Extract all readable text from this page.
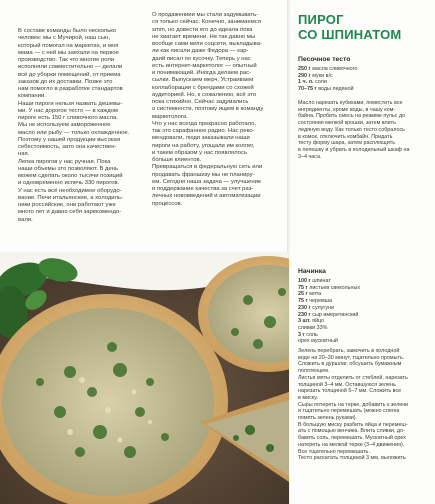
В составе команды было несколько

человек: мы с Мучирой, наш сын,

который помогал на маркетах, и моя

мама — с ней мы заехали на первое

производство. Так что многие роли

исполняли совместительно — делали

всё до уборки помещений, от приема

заказов до их доставки. Позже это

нам помогло в разработке стандартов

компании.

Наши пироги нельзя назвать дешевы-

ми. У нас дорогое тесто — в каждом

пироге есть 150 г сливочного масла.

Мы не используем замороженное

масло или рыбу — только охлажденное.

Поэтому у нашей продукции высокая

себестоимость, зато она качествен-

ная.

Лепка пирогов у нас ручная. Пока

наши объемы это позволяют. В день

можем сделать около тысячи позиций

и одновременно испечь 330 пирогов.

У нас есть всё необходимое оборудо-

вание. Печи итальянские, а холодиль-

ники российские, они работают уже

много лет и давно себя зарекомендо-

вали.

О продажениии мы стали задумывать-

ся только сейчас. Конечно, занимаемся

smm, но довести его до идеала пока

не хватает времени. Не так давно мы

вообще сами вели соцсети, выкладыва-

ли как писали даже Федора — кар-

даяй писал по кусочку. Теперь у нас

есть интернет-маркетолог — опытный

и понимающий. Иногда делаем рас-

сылки. Выпускаем мерч. Устраиваем

коллаборации с брендами со схожей

аудиторией. Но, к сожалению, всё это

пока стихийно. Сейчас задумались

о системности, поэтому ищем в команду

маркетолога.

Что у нас всегда прекрасно работало,

так это сарафанное радио. Нас реко-

мендовали, люди заказывали наши

пироги на работу, угощали им коллег,

и таким образом у нас появлялось

больше клиентов.

Превращаться в федеральную сеть или

продавать франшизу мы не планиру-

ем. Сегодня наша задача — улучшение

и поддержание качества за счет раз-

личных нововведений и автоматизации

процессов.

ПИРОГ
СО ШПИНАТОМ
Песочное тесто

250 г масла сливочного

290 г муки в/с

1 ч. л. соли

70–75 г воды ледяной

Масло нарезать кубиками, поместить все

ингредиенты, кроме воды, в чашу ком-

байна. Пробить смесь на режиме пульс до

состояния мелкой крошки, затем влить

ледяную воду. Как только тесто собралось

в комок, отключить комбайн. Придать

тесту форму шара, затем расплющить

в лепешку и убрать в холодильный шкаф на

3–4 часа.

Начинка

100 г шпинат

75 г листьев свекольных

25 г мята

75 г черемша

230 г сулугуни

230 г сыр имеретинский

3 шт. яйцо

сливки 33%

3 г соль

орех мускатный

Зелень перебрать, замочить в холодной

воде на 20–30 минут, тщательно промыть.

Сложить в дуршлаг, обсушить бумажным

полотенцем.

Листья мяты отделить от стеблей, нарезать

толщиной 3–4 мм. Оставшуюся зелень

нарезать толщиной 5–7 мм. Сложить все

в миску.

Сыры потереть на терке, добавить к зелени

и тщательно перемешать (можно слегка

помять зелень руками).

В большую миску разбить яйца и перемеш-

ать с помощью венчика. Влить сливки, до-

бавить соль, перемешать. Мускатный орех

натереть на мелкой терке (3–4 движения).

Все тщательно перемешать.

Тесто раскатать толщиной 3 мм, выложить
